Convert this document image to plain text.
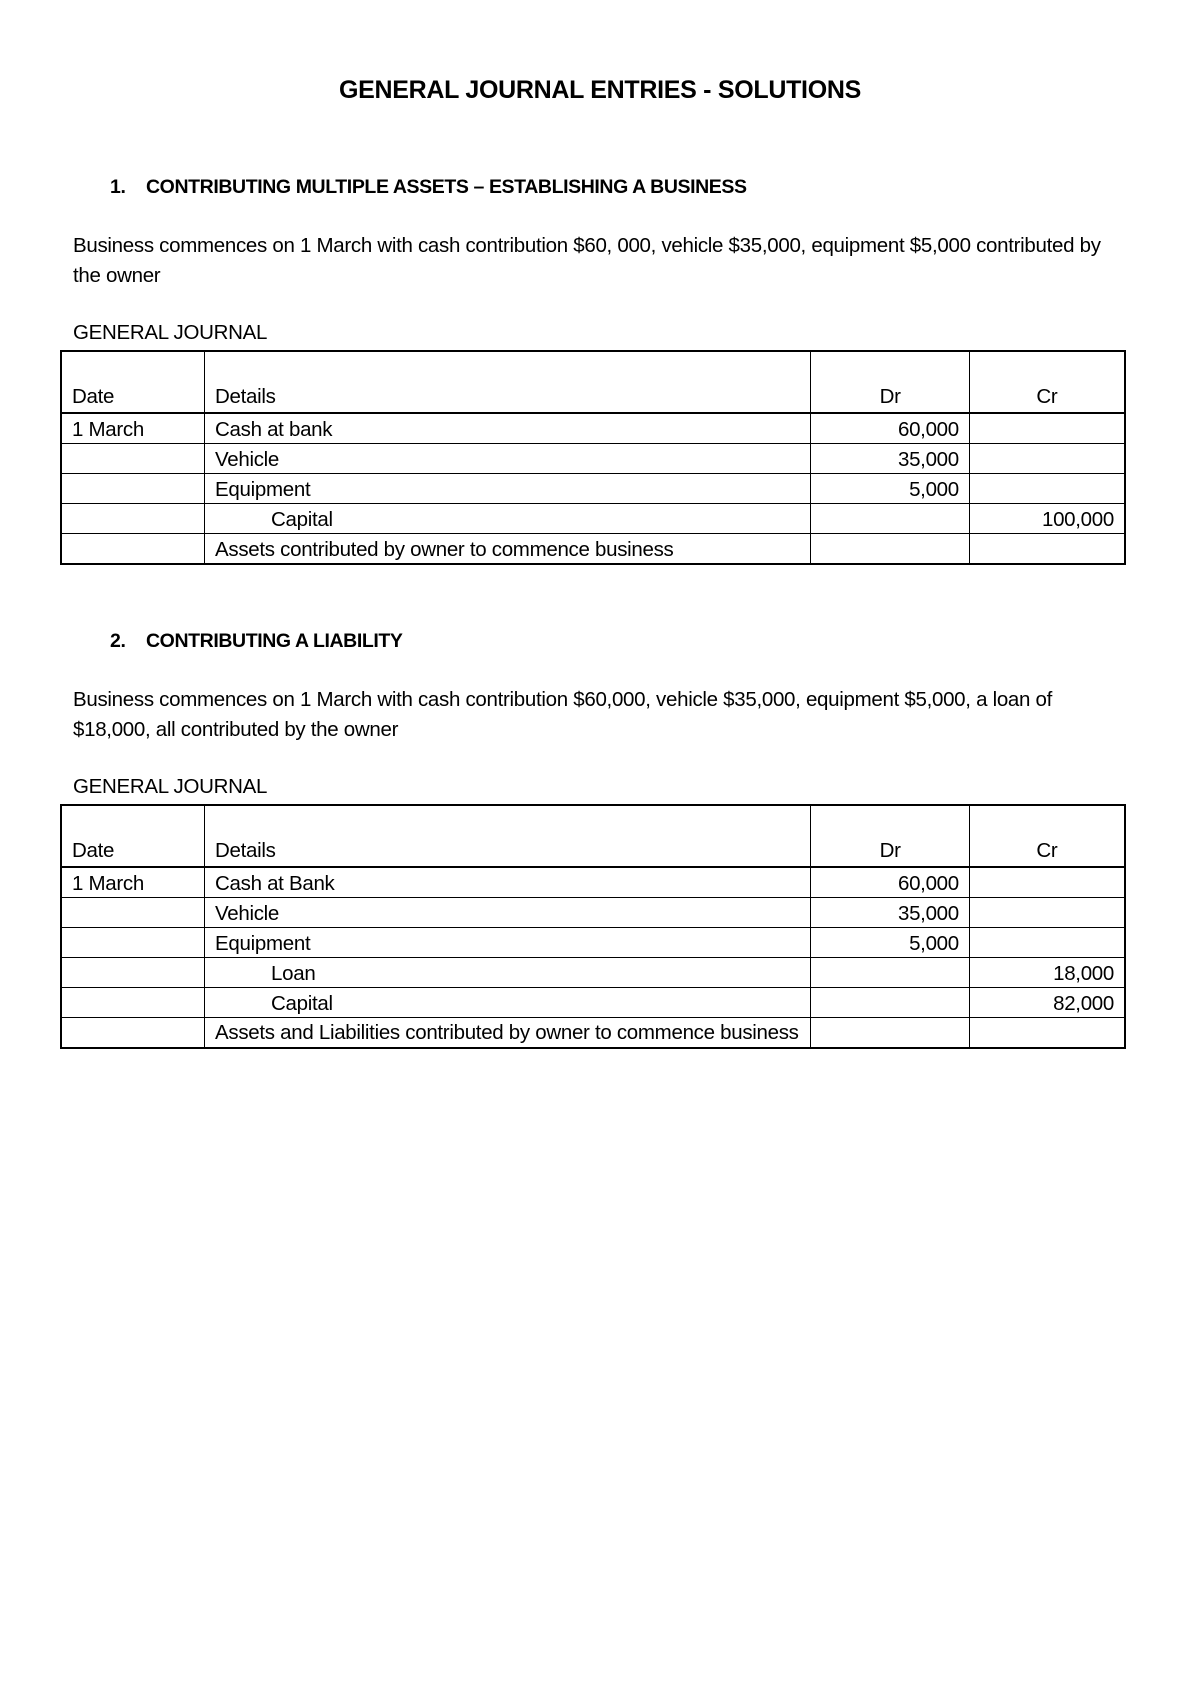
GENERAL JOURNAL ENTRIES - SOLUTIONS
1. CONTRIBUTING MULTIPLE ASSETS – ESTABLISHING A BUSINESS
Business commences on 1 March with cash contribution $60, 000, vehicle $35,000, equipment $5,000 contributed by the owner
GENERAL JOURNAL
Date	Details	Dr	Cr
1 March	Cash at bank	60,000	
	Vehicle	35,000	
	Equipment	5,000	
	Capital		100,000
	Assets contributed by owner to commence business		
2. CONTRIBUTING A LIABILITY
Business commences on 1 March with cash contribution $60,000, vehicle $35,000, equipment $5,000, a loan of $18,000, all contributed by the owner
GENERAL JOURNAL
Date	Details	Dr	Cr
1 March	Cash at Bank	60,000	
	Vehicle	35,000	
	Equipment	5,000	
	Loan		18,000
	Capital		82,000
	Assets and Liabilities contributed by owner to commence business		
